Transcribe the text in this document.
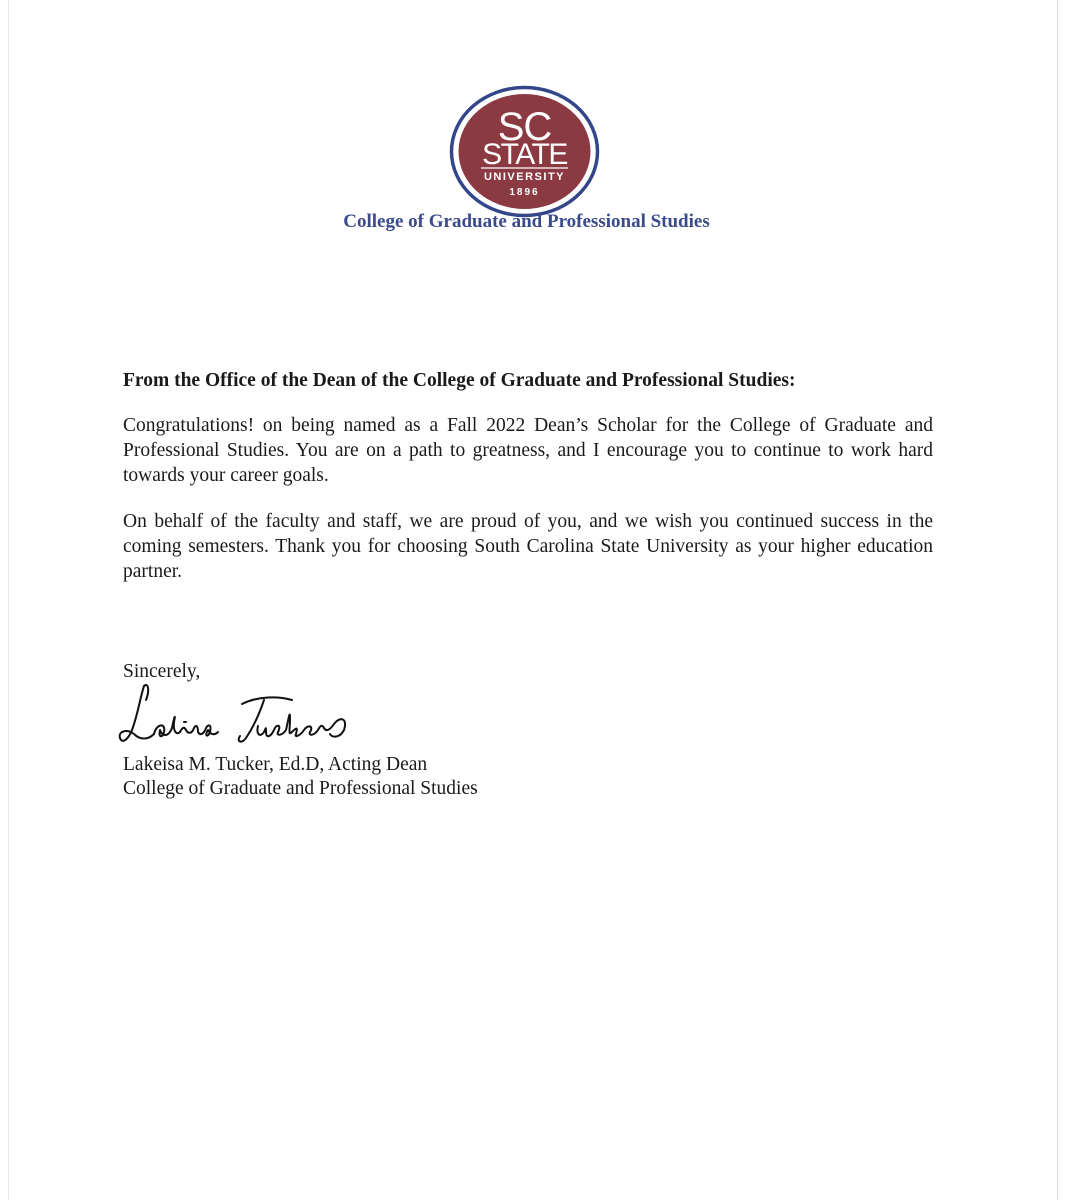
SC
STATE
UNIVERSITY
1896
College of Graduate and Professional Studies
From the Office of the Dean of the College of Graduate and Professional Studies:
Congratulations! on being named as a Fall 2022 Dean’s Scholar for the College of Graduate and Professional Studies. You are on a path to greatness, and I encourage you to continue to work hard towards your career goals.
On behalf of the faculty and staff, we are proud of you, and we wish you continued success in the coming semesters. Thank you for choosing South Carolina State University as your higher education partner.
Sincerely,
Lakeisa M. Tucker, Ed.D, Acting Dean
College of Graduate and Professional Studies
